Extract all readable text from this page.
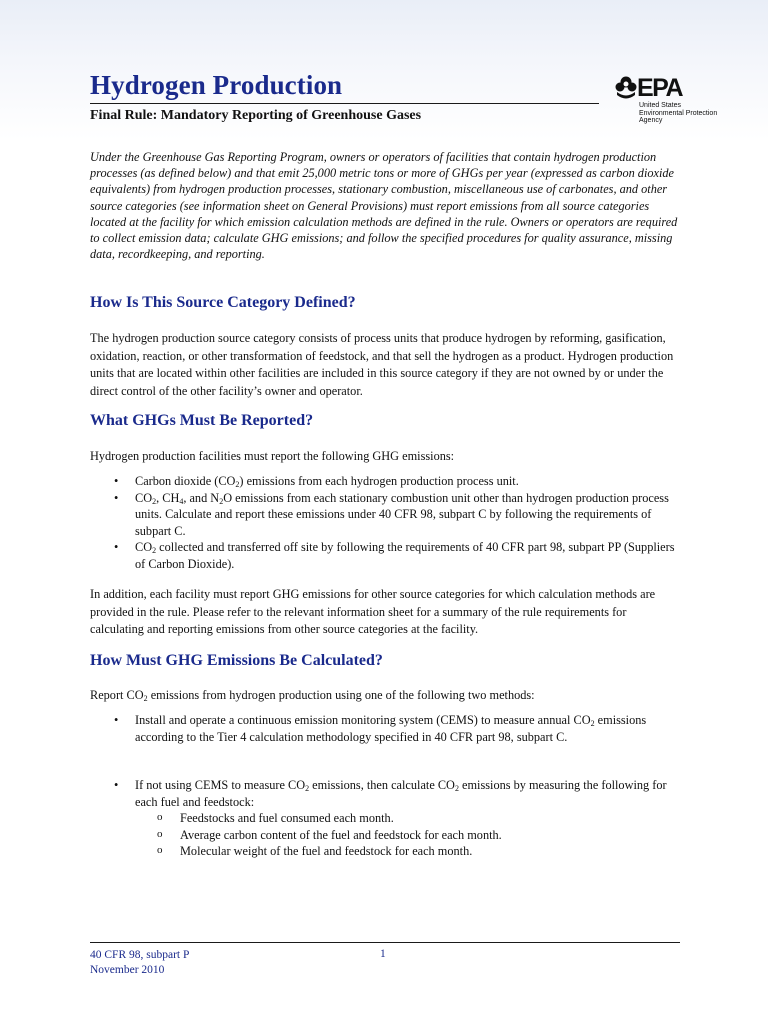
Hydrogen Production
Final Rule: Mandatory Reporting of Greenhouse Gases
EPA
United States
Environmental Protection
Agency

Under the Greenhouse Gas Reporting Program, owners or operators of facilities that contain hydrogen production processes (as defined below) and that emit 25,000 metric tons or more of GHGs per year (expressed as carbon dioxide equivalents) from hydrogen production processes, stationary combustion, miscellaneous use of carbonates, and other source categories (see information sheet on General Provisions) must report emissions from all source categories located at the facility for which emission calculation methods are defined in the rule. Owners or operators are required to collect emission data; calculate GHG emissions; and follow the specified procedures for quality assurance, missing data, recordkeeping, and reporting.

How Is This Source Category Defined?

The hydrogen production source category consists of process units that produce hydrogen by reforming, gasification, oxidation, reaction, or other transformation of feedstock, and that sell the hydrogen as a product. Hydrogen production units that are located within other facilities are included in this source category if they are not owned by or under the direct control of the other facility’s owner and operator.

What GHGs Must Be Reported?

Hydrogen production facilities must report the following GHG emissions:

• Carbon dioxide $(CO_2)$ emissions from each hydrogen production process unit.
• $CO_2$, $CH_4$, and $N_2O$ emissions from each stationary combustion unit other than hydrogen production process units. Calculate and report these emissions under 40 CFR 98, subpart C by following the requirements of subpart C.
• $CO_2$ collected and transferred off site by following the requirements of 40 CFR part 98, subpart PP (Suppliers of Carbon Dioxide).

In addition, each facility must report GHG emissions for other source categories for which calculation methods are provided in the rule. Please refer to the relevant information sheet for a summary of the rule requirements for calculating and reporting emissions from other source categories at the facility.

How Must GHG Emissions Be Calculated?

Report $CO_2$ emissions from hydrogen production using one of the following two methods:

• Install and operate a continuous emission monitoring system (CEMS) to measure annual $CO_2$ emissions according to the Tier 4 calculation methodology specified in 40 CFR part 98, subpart C.
• If not using CEMS to measure $CO_2$ emissions, then calculate $CO_2$ emissions by measuring the following for each fuel and feedstock:
o Feedstocks and fuel consumed each month.
o Average carbon content of the fuel and feedstock for each month.
o Molecular weight of the fuel and feedstock for each month.
40 CFR 98, subpart P
November 2010
1
